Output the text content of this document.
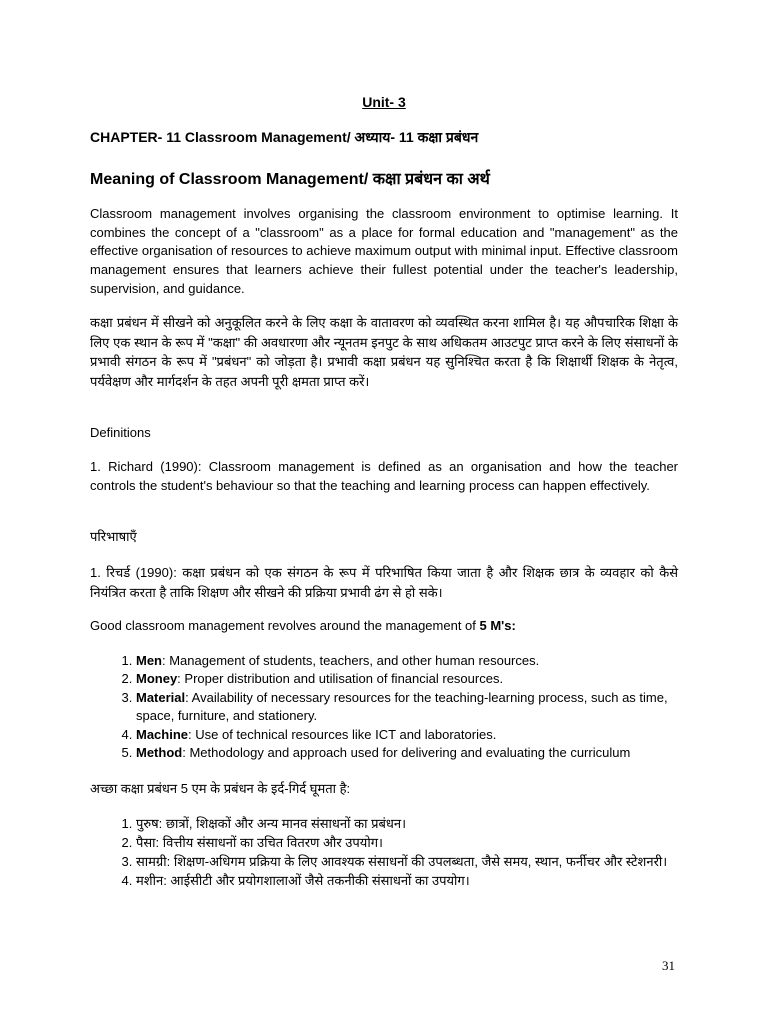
Unit- 3
CHAPTER- 11 Classroom Management/ अध्याय- 11 कक्षा प्रबंधन
Meaning of Classroom Management/ कक्षा प्रबंधन का अर्थ
Classroom management involves organising the classroom environment to optimise learning. It combines the concept of a "classroom" as a place for formal education and "management" as the effective organisation of resources to achieve maximum output with minimal input. Effective classroom management ensures that learners achieve their fullest potential under the teacher's leadership, supervision, and guidance.
कक्षा प्रबंधन में सीखने को अनुकूलित करने के लिए कक्षा के वातावरण को व्यवस्थित करना शामिल है। यह औपचारिक शिक्षा के लिए एक स्थान के रूप में "कक्षा" की अवधारणा और न्यूनतम इनपुट के साथ अधिकतम आउटपुट प्राप्त करने के लिए संसाधनों के प्रभावी संगठन के रूप में "प्रबंधन" को जोड़ता है। प्रभावी कक्षा प्रबंधन यह सुनिश्चित करता है कि शिक्षार्थी शिक्षक के नेतृत्व, पर्यवेक्षण और मार्गदर्शन के तहत अपनी पूरी क्षमता प्राप्त करें।
Definitions
1. Richard (1990): Classroom management is defined as an organisation and how the teacher controls the student's behaviour so that the teaching and learning process can happen effectively.
परिभाषाएँ
1. रिचर्ड (1990): कक्षा प्रबंधन को एक संगठन के रूप में परिभाषित किया जाता है और शिक्षक छात्र के व्यवहार को कैसे नियंत्रित करता है ताकि शिक्षण और सीखने की प्रक्रिया प्रभावी ढंग से हो सके।
Good classroom management revolves around the management of 5 M's:
1. Men: Management of students, teachers, and other human resources.
2. Money: Proper distribution and utilisation of financial resources.
3. Material: Availability of necessary resources for the teaching-learning process, such as time, space, furniture, and stationery.
4. Machine: Use of technical resources like ICT and laboratories.
5. Method: Methodology and approach used for delivering and evaluating the curriculum
अच्छा कक्षा प्रबंधन 5 एम के प्रबंधन के इर्द-गिर्द घूमता है:
1. पुरुष: छात्रों, शिक्षकों और अन्य मानव संसाधनों का प्रबंधन।
2. पैसा: वित्तीय संसाधनों का उचित वितरण और उपयोग।
3. सामग्री: शिक्षण-अधिगम प्रक्रिया के लिए आवश्यक संसाधनों की उपलब्धता, जैसे समय, स्थान, फर्नीचर और स्टेशनरी।
4. मशीन: आईसीटी और प्रयोगशालाओं जैसे तकनीकी संसाधनों का उपयोग।
31
